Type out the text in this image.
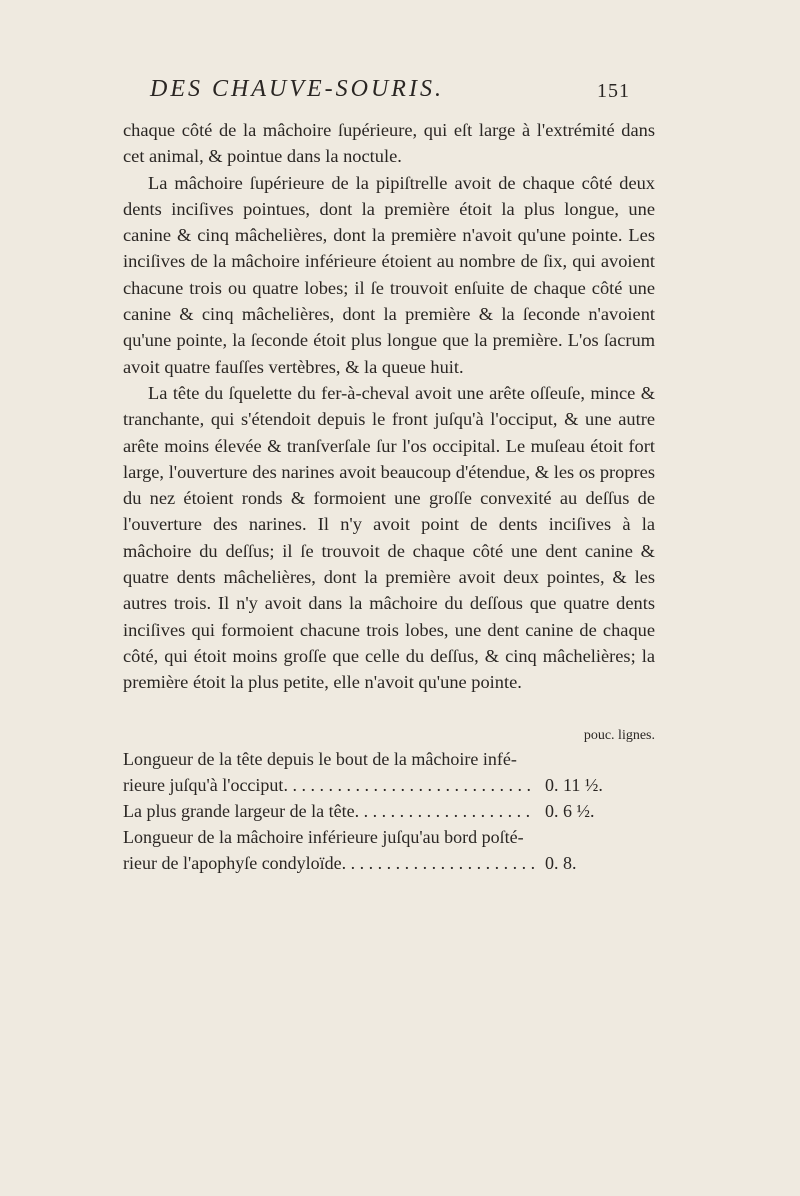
DES CHAUVE-SOURIS.	151

chaque côté de la mâchoire ſupérieure, qui eſt large à l'extrémité dans cet animal, & pointue dans la noctule.

La mâchoire ſupérieure de la pipiſtrelle avoit de chaque côté deux dents inciſives pointues, dont la première étoit la plus longue, une canine & cinq mâchelières, dont la première n'avoit qu'une pointe. Les inciſives de la mâchoire inférieure étoient au nombre de ſix, qui avoient chacune trois ou quatre lobes; il ſe trouvoit enſuite de chaque côté une canine & cinq mâchelières, dont la première & la ſeconde n'avoient qu'une pointe, la ſeconde étoit plus longue que la première. L'os ſacrum avoit quatre fauſſes vertèbres, & la queue huit.

La tête du ſquelette du fer-à-cheval avoit une arête oſſeuſe, mince & tranchante, qui s'étendoit depuis le front juſqu'à l'occiput, & une autre arête moins élevée & tranſverſale ſur l'os occipital. Le muſeau étoit fort large, l'ouverture des narines avoit beaucoup d'étendue, & les os propres du nez étoient ronds & formoient une groſſe convexité au deſſus de l'ouverture des narines. Il n'y avoit point de dents inciſives à la mâchoire du deſſus; il ſe trouvoit de chaque côté une dent canine & quatre dents mâchelières, dont la première avoit deux pointes, & les autres trois. Il n'y avoit dans la mâchoire du deſſous que quatre dents inciſives qui formoient chacune trois lobes, une dent canine de chaque côté, qui étoit moins groſſe que celle du deſſus, & cinq mâchelières; la première étoit la plus petite, elle n'avoit qu'une pointe.

pouc. lignes.
Longueur de la tête depuis le bout de la mâchoire infé-
rieure juſqu'à l'occiput . . .	0. 11 ½.
La plus grande largeur de la tête . . .	0. 6 ½.
Longueur de la mâchoire inférieure juſqu'au bord poſté-
rieur de l'apophyſe condyloïde . . .	0. 8.
